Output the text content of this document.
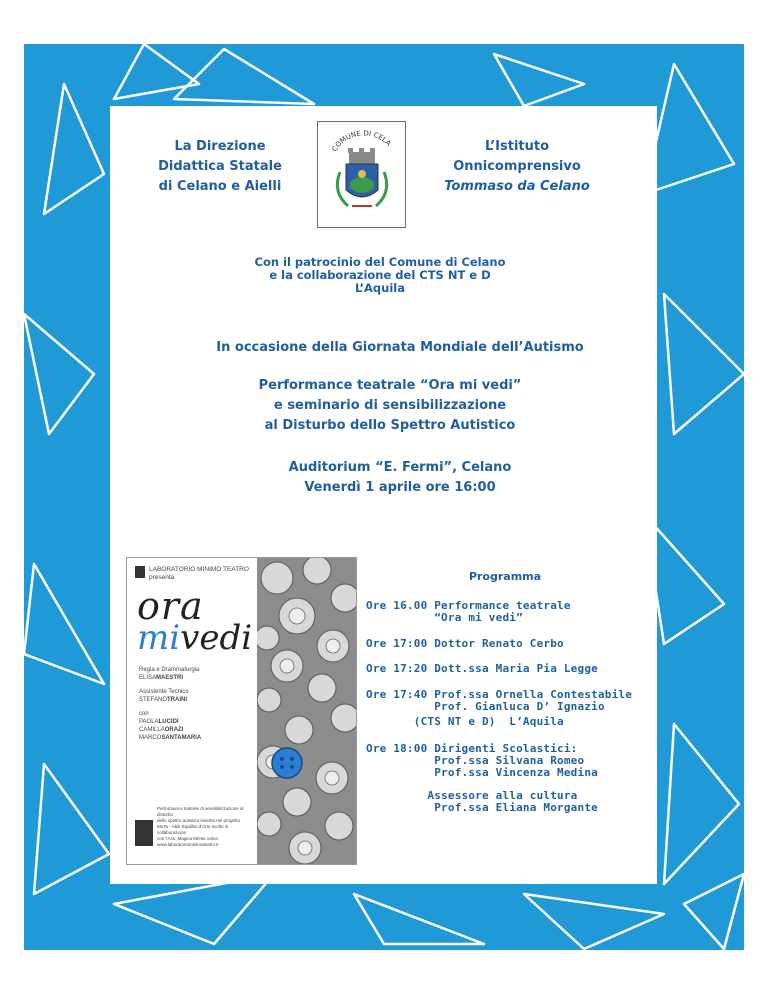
La Direzione
Didattica Statale
di Celano e Aielli
COMUNE DI CELA	L’Istituto
Onnicomprensivo
Tommaso da Celano
Con il patrocinio del Comune di Celano
e la collaborazione del CTS NT e D
L’Aquila
In occasione della Giornata Mondiale dell’Autismo
Performance teatrale “Ora mi vedi”
e seminario di sensibilizzazione
al Disturbo dello Spettro Autistico
Auditorium “E. Fermi”, Celano
Venerdì 1 aprile ore 16:00
LABORATORIO MINIMO TEATRO
presenta
ora
mivedi
Regia e Drammaturgia
ELISAMAESTRI
Assistente Tecnico
STEFANOTRAINI
con
PAOLALUCIDI
CAMILLAORAZI
MARCOSANTAMARIA
Performance teatrale di sensibilizzazione al disturbo
dello spettro autistico inserita nel progetto
MoTa - Abili Equilibri d’Arte svolto in collaborazione
con l’Ass. Magica Mente onlus
www.laboratoriominimoteatro.it
Programma
Ore 16.00 Performance teatrale
“Ora mi vedi”
Ore 17:00 Dottor Renato Cerbo
Ore 17:20 Dott.ssa Maria Pia Legge
Ore 17:40 Prof.ssa Ornella Contestabile
Prof. Gianluca D’ Ignazio
(CTS NT e D)  L’Aquila
Ore 18:00 Dirigenti Scolastici:
Prof.ssa Silvana Romeo
Prof.ssa Vincenza Medina
Assessore alla cultura
Prof.ssa Eliana Morgante
